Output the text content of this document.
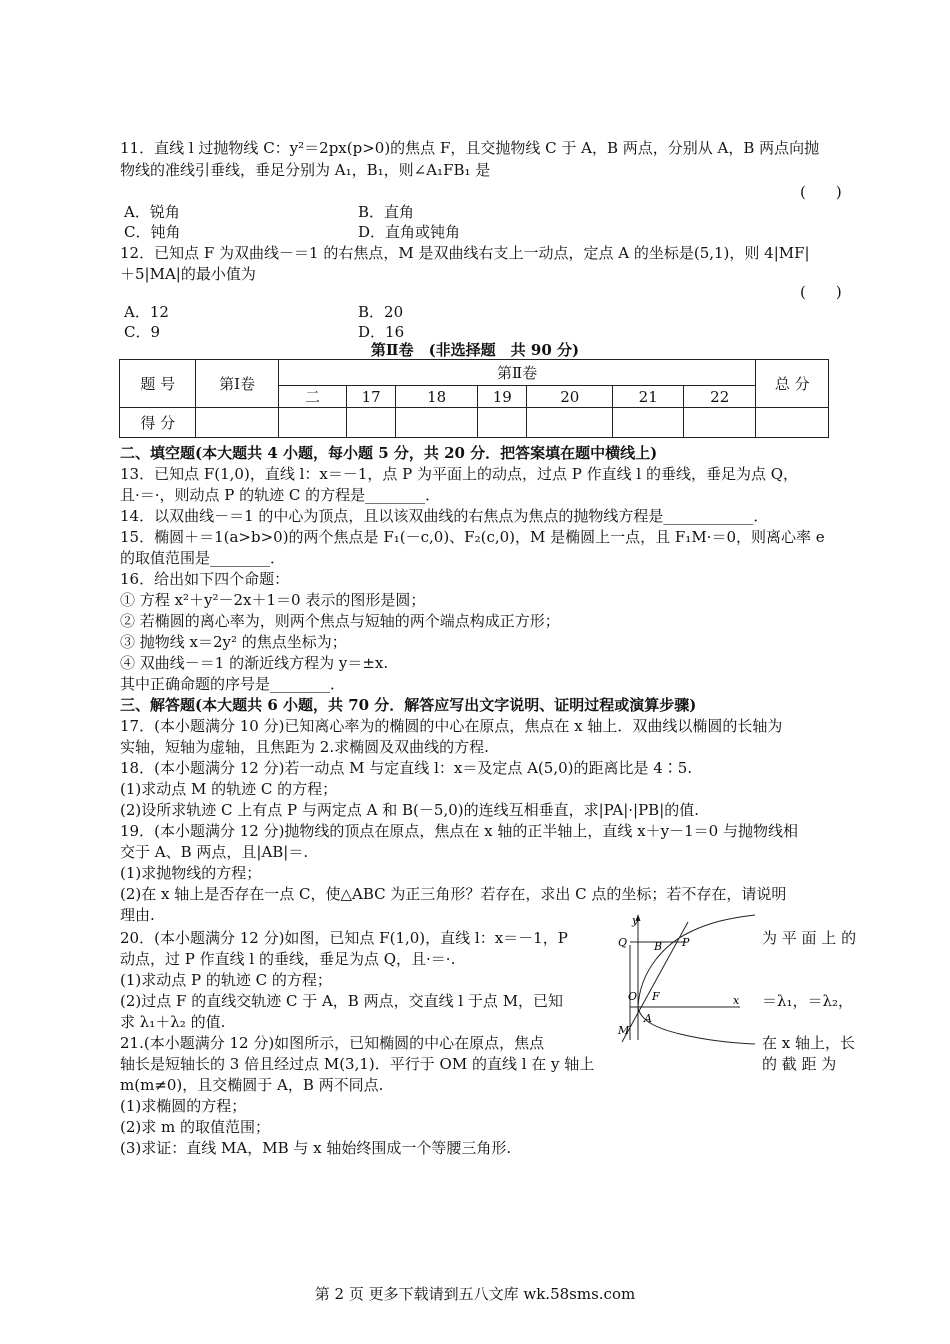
11．直线 l 过抛物线 C：y²＝2px(p>0)的焦点 F，且交抛物线 C 于 A，B 两点，分别从 A，B 两点向抛
物线的准线引垂线，垂足分别为 A₁，B₁，则∠A₁FB₁ 是
(　　)
A．锐角	B．直角
C．钝角	D．直角或钝角
12．已知点 F 为双曲线－＝1 的右焦点，M 是双曲线右支上一动点，定点 A 的坐标是(5,1)，则 4|MF|
＋5|MA|的最小值为
(　　)
A．12	B．20
C．9	D．16
第Ⅱ卷　(非选择题　共 90 分)
题 号	第Ⅰ卷	第Ⅱ卷							总 分
		二	17	18	19	20	21	22	
得 分									
二、填空题(本大题共 4 小题，每小题 5 分，共 20 分．把答案填在题中横线上)
13．已知点 F(1,0)，直线 l：x＝－1，点 P 为平面上的动点，过点 P 作直线 l 的垂线，垂足为点 Q，
且·＝·，则动点 P 的轨迹 C 的方程是________．
14．以双曲线－＝1 的中心为顶点，且以该双曲线的右焦点为焦点的抛物线方程是____________．
15．椭圆＋＝1(a>b>0)的两个焦点是 F₁(－c,0)、F₂(c,0)，M 是椭圆上一点，且 F₁M·＝0，则离心率 e
的取值范围是________．
16．给出如下四个命题：
① 方程 x²＋y²－2x＋1＝0 表示的图形是圆；
② 若椭圆的离心率为，则两个焦点与短轴的两个端点构成正方形；
③ 抛物线 x＝2y² 的焦点坐标为；
④ 双曲线－＝1 的渐近线方程为 y＝±x.
其中正确命题的序号是________．
三、解答题(本大题共 6 小题，共 70 分．解答应写出文字说明、证明过程或演算步骤)
17．(本小题满分 10 分)已知离心率为的椭圆的中心在原点，焦点在 x 轴上．双曲线以椭圆的长轴为
实轴，短轴为虚轴，且焦距为 2.求椭圆及双曲线的方程.
18．(本小题满分 12 分)若一动点 M 与定直线 l：x＝及定点 A(5,0)的距离比是 4∶5.
(1)求动点 M 的轨迹 C 的方程；
(2)设所求轨迹 C 上有点 P 与两定点 A 和 B(－5,0)的连线互相垂直，求|PA|·|PB|的值.
19．(本小题满分 12 分)抛物线的顶点在原点，焦点在 x 轴的正半轴上，直线 x＋y－1＝0 与抛物线相
交于 A、B 两点，且|AB|＝.
(1)求抛物线的方程；
(2)在 x 轴上是否存在一点 C，使△ABC 为正三角形？若存在，求出 C 点的坐标；若不存在，请说明
理由.
20．(本小题满分 12 分)如图，已知点 F(1,0)，直线 l：x＝－1，P	为 平 面 上 的
动点，过 P 作直线 l 的垂线，垂足为点 Q，且·＝·.
(1)求动点 P 的轨迹 C 的方程；
(2)过点 F 的直线交轨迹 C 于 A，B 两点，交直线 l 于点 M，已知	＝λ₁，＝λ₂，
求 λ₁＋λ₂ 的值.
21.(本小题满分 12 分)如图所示，已知椭圆的中心在原点，焦点	在 x 轴上，长
轴长是短轴长的 3 倍且经过点 M(3,1)．平行于 OM 的直线 l 在 y 轴上	的 截 距 为
m(m≠0)，且交椭圆于 A，B 两不同点.
(1)求椭圆的方程；
(2)求 m 的取值范围；
(3)求证：直线 MA，MB 与 x 轴始终围成一个等腰三角形.
y
x
Q B P
O F
M
A
第 2 页 更多下载请到五八文库 wk.58sms.com
